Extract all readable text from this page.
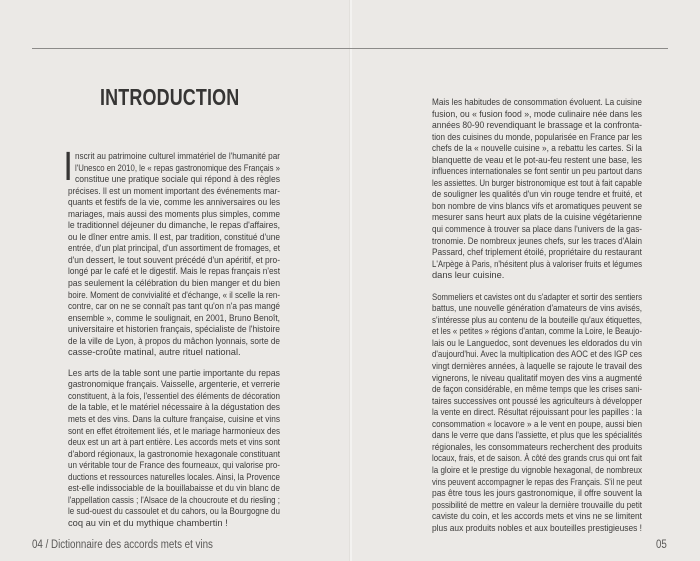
INTRODUCTION
I nscrit au patrimoine culturel immatériel de l'humanité par
l'Unesco en 2010, le « repas gastronomique des Français »
constitue une pratique sociale qui répond à des règles
précises. Il est un moment important des événements mar-
quants et festifs de la vie, comme les anniversaires ou les
mariages, mais aussi des moments plus simples, comme
le traditionnel déjeuner du dimanche, le repas d'affaires,
ou le dîner entre amis. Il est, par tradition, constitué d'une
entrée, d'un plat principal, d'un assortiment de fromages, et
d'un dessert, le tout souvent précédé d'un apéritif, et pro-
longé par le café et le digestif. Mais le repas français n'est
pas seulement la célébration du bien manger et du bien
boire. Moment de convivialité et d'échange, « il scelle la ren-
contre, car on ne se connaît pas tant qu'on n'a pas mangé
ensemble », comme le soulignait, en 2001, Bruno Benoît,
universitaire et historien français, spécialiste de l'histoire
de la ville de Lyon, à propos du mâchon lyonnais, sorte de
casse-croûte matinal, autre rituel national.
Les arts de la table sont une partie importante du repas
gastronomique français. Vaisselle, argenterie, et verrerie
constituent, à la fois, l'essentiel des éléments de décoration
de la table, et le matériel nécessaire à la dégustation des
mets et des vins. Dans la culture française, cuisine et vins
sont en effet étroitement liés, et le mariage harmonieux des
deux est un art à part entière. Les accords mets et vins sont
d'abord régionaux, la gastronomie hexagonale constituant
un véritable tour de France des fourneaux, qui valorise pro-
ductions et ressources naturelles locales. Ainsi, la Provence
est-elle indissociable de la bouillabaisse et du vin blanc de
l'appellation cassis ; l'Alsace de la choucroute et du riesling ;
le sud-ouest du cassoulet et du cahors, ou la Bourgogne du
coq au vin et du mythique chambertin !
Mais les habitudes de consommation évoluent. La cuisine
fusion, ou « fusion food », mode culinaire née dans les
années 80-90 revendiquant le brassage et la confronta-
tion des cuisines du monde, popularisée en France par les
chefs de la « nouvelle cuisine », a rebattu les cartes. Si la
blanquette de veau et le pot-au-feu restent une base, les
influences internationales se font sentir un peu partout dans
les assiettes. Un burger bistronomique est tout à fait capable
de souligner les qualités d'un vin rouge tendre et fruité, et
bon nombre de vins blancs vifs et aromatiques peuvent se
mesurer sans heurt aux plats de la cuisine végétarienne
qui commence à trouver sa place dans l'univers de la gas-
tronomie. De nombreux jeunes chefs, sur les traces d'Alain
Passard, chef triplement étoilé, propriétaire du restaurant
L'Arpège à Paris, n'hésitent plus à valoriser fruits et légumes
dans leur cuisine.
Sommeliers et cavistes ont du s'adapter et sortir des sentiers
battus, une nouvelle génération d'amateurs de vins avisés,
s'intéresse plus au contenu de la bouteille qu'aux étiquettes,
et les « petites » régions d'antan, comme la Loire, le Beaujo-
lais ou le Languedoc, sont devenues les eldorados du vin
d'aujourd'hui. Avec la multiplication des AOC et des IGP ces
vingt dernières années, à laquelle se rajoute le travail des
vignerons, le niveau qualitatif moyen des vins a augmenté
de façon considérable, en même temps que les crises sani-
taires successives ont poussé les agriculteurs à développer
la vente en direct. Résultat réjouissant pour les papilles : la
consommation « locavore » a le vent en poupe, aussi bien
dans le verre que dans l'assiette, et plus que les spécialités
régionales, les consommateurs recherchent des produits
locaux, frais, et de saison. À côté des grands crus qui ont fait
la gloire et le prestige du vignoble hexagonal, de nombreux
vins peuvent accompagner le repas des Français. S'il ne peut
pas être tous les jours gastronomique, il offre souvent la
possibilité de mettre en valeur la dernière trouvaille du petit
caviste du coin, et les accords mets et vins ne se limitent
plus aux produits nobles et aux bouteilles prestigieuses !
04 / Dictionnaire des accords mets et vins	05
